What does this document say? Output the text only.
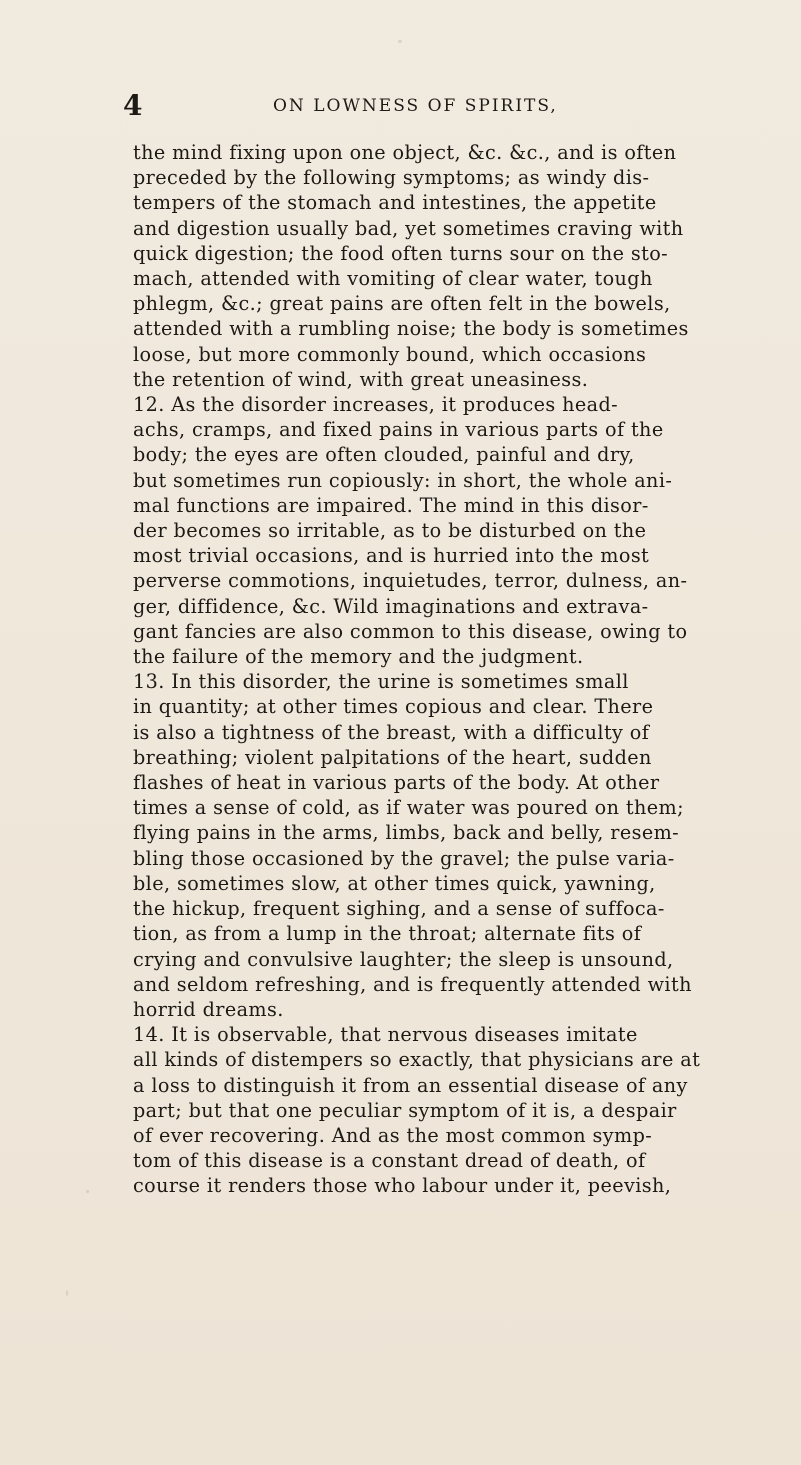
4	ON LOWNESS OF SPIRITS,
the mind fixing upon one object, &c. &c., and is often
preceded by the following symptoms; as windy dis-
tempers of the stomach and intestines, the appetite
and digestion usually bad, yet sometimes craving with
quick digestion; the food often turns sour on the sto-
mach, attended with vomiting of clear water, tough
phlegm, &c.; great pains are often felt in the bowels,
attended with a rumbling noise; the body is sometimes
loose, but more commonly bound, which occasions
the retention of wind, with great uneasiness.
12. As the disorder increases, it produces head-
achs, cramps, and fixed pains in various parts of the
body; the eyes are often clouded, painful and dry,
but sometimes run copiously: in short, the whole ani-
mal functions are impaired. The mind in this disor-
der becomes so irritable, as to be disturbed on the
most trivial occasions, and is hurried into the most
perverse commotions, inquietudes, terror, dulness, an-
ger, diffidence, &c. Wild imaginations and extrava-
gant fancies are also common to this disease, owing to
the failure of the memory and the judgment.
13. In this disorder, the urine is sometimes small
in quantity; at other times copious and clear. There
is also a tightness of the breast, with a difficulty of
breathing; violent palpitations of the heart, sudden
flashes of heat in various parts of the body. At other
times a sense of cold, as if water was poured on them;
flying pains in the arms, limbs, back and belly, resem-
bling those occasioned by the gravel; the pulse varia-
ble, sometimes slow, at other times quick, yawning,
the hickup, frequent sighing, and a sense of suffoca-
tion, as from a lump in the throat; alternate fits of
crying and convulsive laughter; the sleep is unsound,
and seldom refreshing, and is frequently attended with
horrid dreams.
14. It is observable, that nervous diseases imitate
all kinds of distempers so exactly, that physicians are at
a loss to distinguish it from an essential disease of any
part; but that one peculiar symptom of it is, a despair
of ever recovering. And as the most common symp-
tom of this disease is a constant dread of death, of
course it renders those who labour under it, peevish,
